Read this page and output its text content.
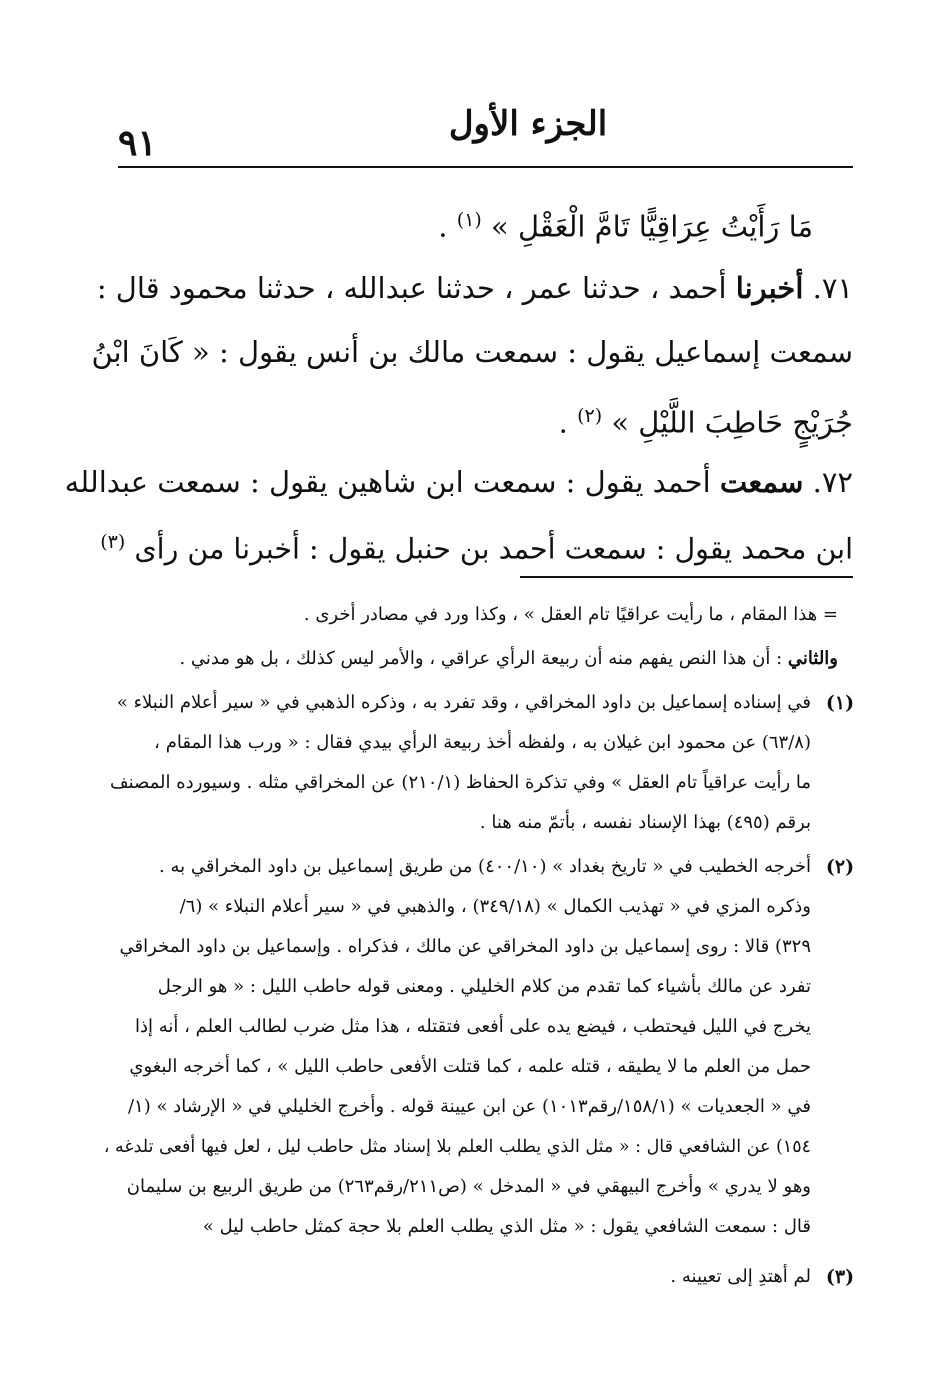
٩١	الجزء الأول
مَا رَأَيْتُ عِرَاقِيًّا تَامَّ الْعَقْلِ » $^{(١)}$ .
٧١. أخبرنا أحمد ، حدثنا عمر ، حدثنا عبدالله ، حدثنا محمود قال :
سمعت إسماعيل يقول : سمعت مالك بن أنس يقول : « كَانَ ابْنُ
جُرَيْجٍ حَاطِبَ اللَّيْلِ » $^{(٢)}$ .
٧٢. سمعت أحمد يقول : سمعت ابن شاهين يقول : سمعت عبدالله
ابن محمد يقول : سمعت أحمد بن حنبل يقول : أخبرنا من رأى $^{(٣)}$
= هذا المقام ، ما رأيت عراقيًا تام العقل » ، وكذا ورد في مصادر أخرى .
والثاني : أن هذا النص يفهم منه أن ربيعة الرأي عراقي ، والأمر ليس كذلك ، بل هو مدني .
(١)
في إسناده إسماعيل بن داود المخراقي ، وقد تفرد به ، وذكره الذهبي في « سير أعلام النبلاء »
(٦٣/٨) عن محمود ابن غيلان به ، ولفظه أخذ ربيعة الرأي بيدي فقال : « ورب هذا المقام ،
ما رأيت عراقياً تام العقل » وفي تذكرة الحفاظ (٢١٠/١) عن المخراقي مثله . وسيورده المصنف
برقم (٤٩٥) بهذا الإسناد نفسه ، بأتمّ منه هنا .
(٢)
أخرجه الخطيب في « تاريخ بغداد » (٤٠٠/١٠) من طريق إسماعيل بن داود المخراقي به .
وذكره المزي في « تهذيب الكمال » (٣٤٩/١٨) ، والذهبي في « سير أعلام النبلاء » (٦/
٣٢٩) قالا : روى إسماعيل بن داود المخراقي عن مالك ، فذكراه . وإسماعيل بن داود المخراقي
تفرد عن مالك بأشياء كما تقدم من كلام الخليلي . ومعنى قوله حاطب الليل : « هو الرجل
يخرج في الليل فيحتطب ، فيضع يده على أفعى فتقتله ، هذا مثل ضرب لطالب العلم ، أنه إذا
حمل من العلم ما لا يطيقه ، قتله علمه ، كما قتلت الأفعى حاطب الليل » ، كما أخرجه البغوي
في « الجعديات » (١٥٨/١/رقم١٠١٣) عن ابن عيينة قوله . وأخرج الخليلي في « الإرشاد » (١/
١٥٤) عن الشافعي قال : « مثل الذي يطلب العلم بلا إسناد مثل حاطب ليل ، لعل فيها أفعى تلدغه ،
وهو لا يدري » وأخرج البيهقي في « المدخل » (ص٢١١/رقم٢٦٣) من طريق الربيع بن سليمان
قال : سمعت الشافعي يقول : « مثل الذي يطلب العلم بلا حجة كمثل حاطب ليل »
(٣)
لم أهتدِ إلى تعيينه .
